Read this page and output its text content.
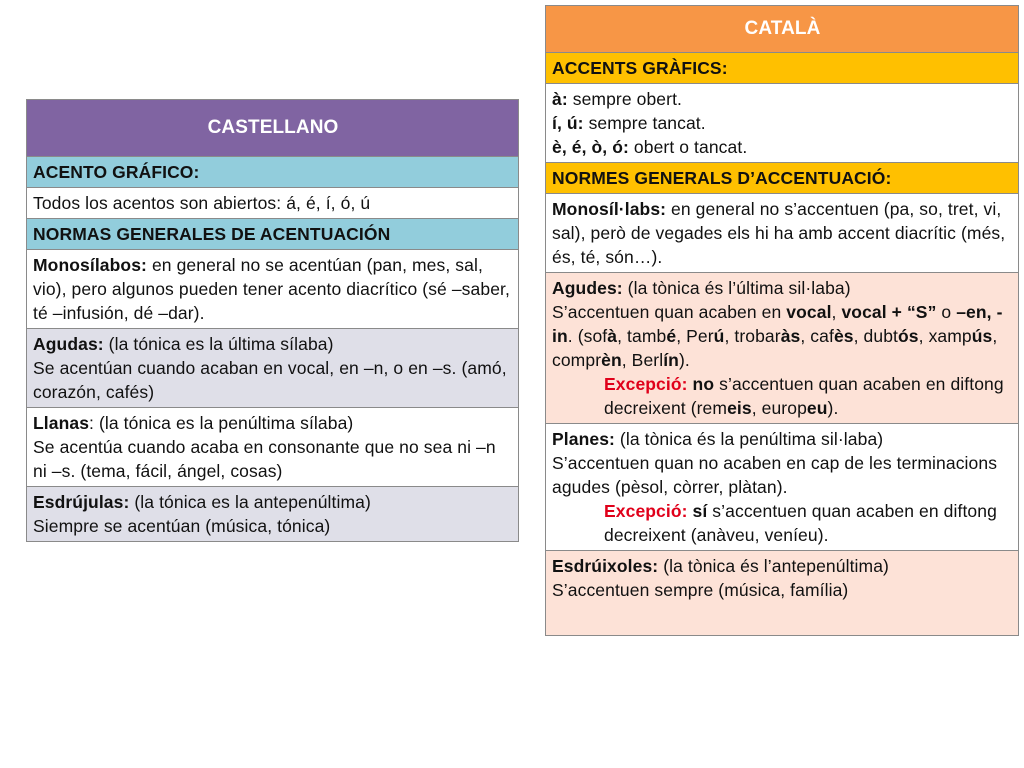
CASTELLANO
ACENTO GRÁFICO:
Todos los acentos son abiertos: á, é, í, ó, ú
NORMAS GENERALES DE ACENTUACIÓN
Monosílabos: en general no se acentúan (pan, mes, sal, vio), pero algunos pueden tener acento diacrítico (sé –saber, té –infusión, dé –dar).
Agudas: (la tónica es la última sílaba)
Se acentúan cuando acaban en vocal, en –n, o en –s. (amó, corazón, cafés)
Llanas: (la tónica es la penúltima sílaba)
Se acentúa cuando acaba en consonante que no sea ni –n ni –s. (tema, fácil, ángel, cosas)
Esdrújulas: (la tónica es la antepenúltima)
Siempre se acentúan (música, tónica)
CATALÀ
ACCENTS GRÀFICS:
à: sempre obert.
í, ú: sempre tancat.
è, é, ò, ó: obert o tancat.
NORMES GENERALS D’ACCENTUACIÓ:
Monosíl·labs: en general no s’accentuen (pa, so, tret, vi, sal), però de vegades els hi ha amb accent diacrític (més, és, té, són…).
Agudes: (la tònica és l’última sil·laba)
S’accentuen quan acaben en vocal, vocal + “S” o –en, -in. (sofà, també, Perú, trobaràs, cafès, dubtós, xampús, comprèn, Berlín).
Excepció: no s’accentuen quan acaben en diftong decreixent (remeis, europeu).

Planes: (la tònica és la penúltima sil·laba)
S’accentuen quan no acaben en cap de les terminacions agudes (pèsol, còrrer, plàtan).
Excepció: sí s’accentuen quan acaben en diftong decreixent (anàveu, veníeu).

Esdrúixoles: (la tònica és l’antepenúltima)
S’accentuen sempre (música, família)
